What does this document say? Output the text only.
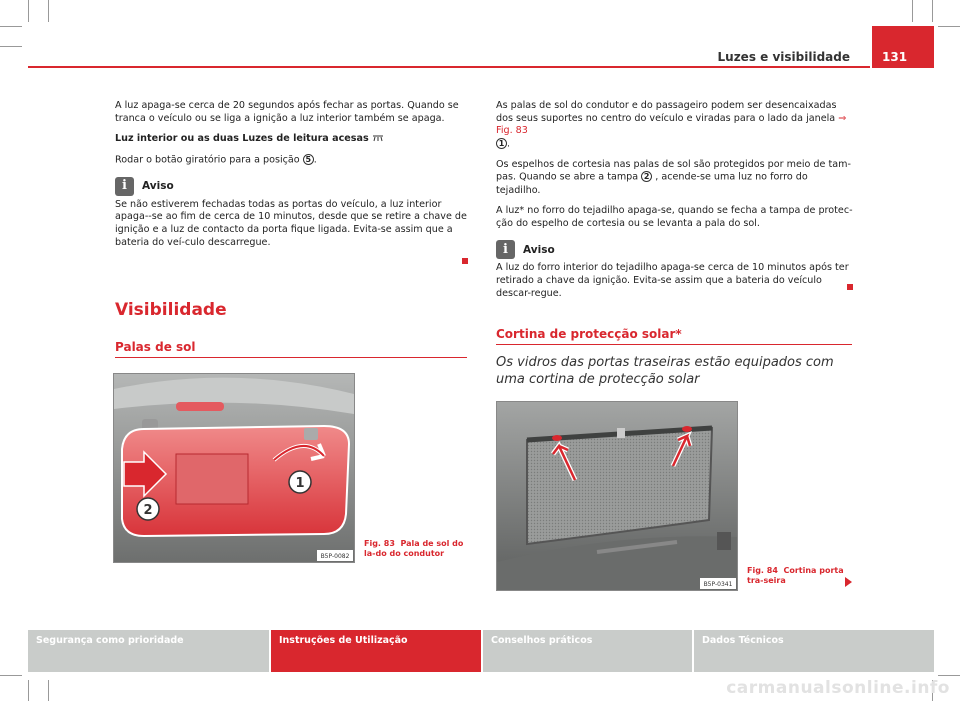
Luzes e visibilidade	131

A luz apaga-se cerca de 20 segundos após fechar as portas. Quando se tranca o veículo ou se liga a ignição a luz interior também se apaga.

Luz interior ou as duas Luzes de leitura acesas

Rodar o botão giratório para a posição 5 .

i	Aviso

Se não estiverem fechadas todas as portas do veículo, a luz interior apaga--se ao fim de cerca de 10 minutos, desde que se retire a chave de ignição e a luz de contacto da porta fique ligada. Evita-se assim que a bateria do veí-culo descarregue.

Visibilidade
Palas de sol
1
2
B5P-0082
Fig. 83 Pala de sol do la-do do condutor

As palas de sol do condutor e do passageiro podem ser desencaixadas dos seus suportes no centro do veículo e viradas para o lado da janela ⇒ Fig. 83
1 .

Os espelhos de cortesia nas palas de sol são protegidos por meio de tam-pas. Quando se abre a tampa 2 , acende-se uma luz no forro do tejadilho.

A luz* no forro do tejadilho apaga-se, quando se fecha a tampa de protec-ção do espelho de cortesia ou se levanta a pala do sol.

i	Aviso

A luz do forro interior do tejadilho apaga-se cerca de 10 minutos após ter retirado a chave da ignição. Evita-se assim que a bateria do veículo descar-regue.

Cortina de protecção solar*
Os vidros das portas traseiras estão equipados com uma cortina de protecção solar
B5P-0341
Fig. 84 Cortina porta tra-seira
Segurança como prioridade	Instruções de Utilização	Conselhos práticos	Dados Técnicos
carmanualsonline.info
